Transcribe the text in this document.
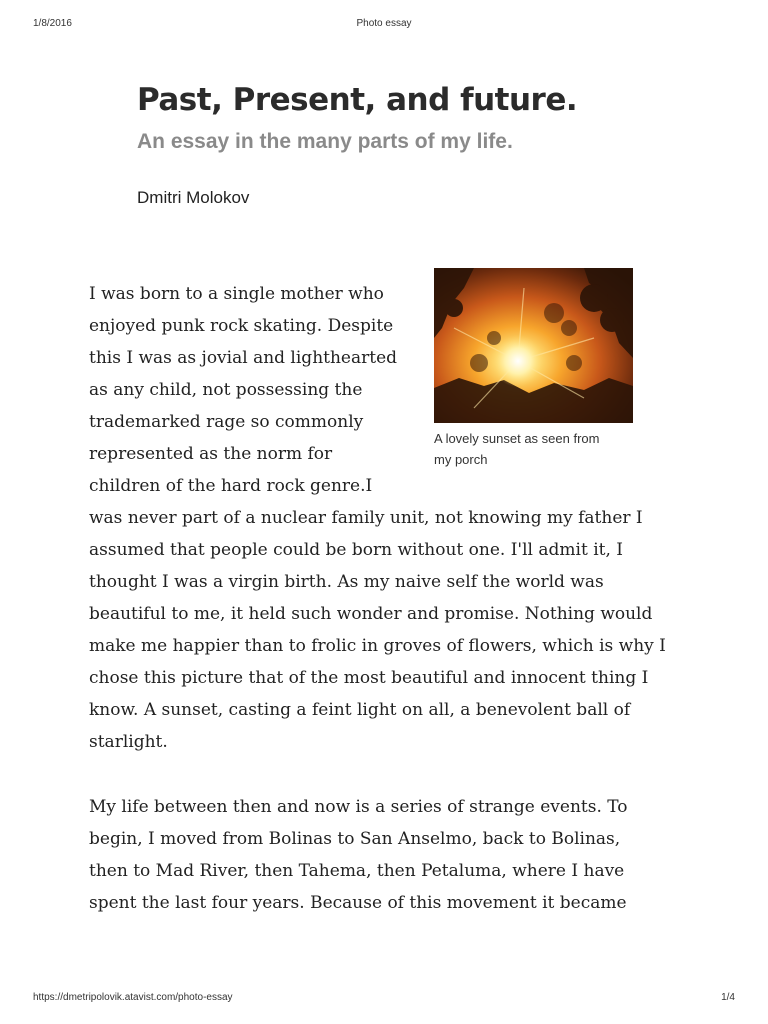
1/8/2016	Photo essay
Past, Present, and future.
An essay in the many parts of my life.

Dmitri Molokov

A lovely sunset as seen from
my porch
I was born to a single mother who
enjoyed punk rock skating. Despite
this I was as jovial and lighthearted
as any child, not possessing the
trademarked rage so commonly
represented as the norm for
children of the hard rock genre.I
was never part of a nuclear family unit, not knowing my father I
assumed that people could be born without one. I'll admit it, I
thought I was a virgin birth. As my naive self the world was
beautiful to me, it held such wonder and promise. Nothing would
make me happier than to frolic in groves of flowers, which is why I
chose this picture that of the most beautiful and innocent thing I
know. A sunset, casting a feint light on all, a benevolent ball of
starlight.
My life between then and now is a series of strange events. To
begin, I moved from Bolinas to San Anselmo, back to Bolinas,
then to Mad River, then Tahema, then Petaluma, where I have
spent the last four years. Because of this movement it became
https://dmetripolovik.atavist.com/photo-essay	1/4
